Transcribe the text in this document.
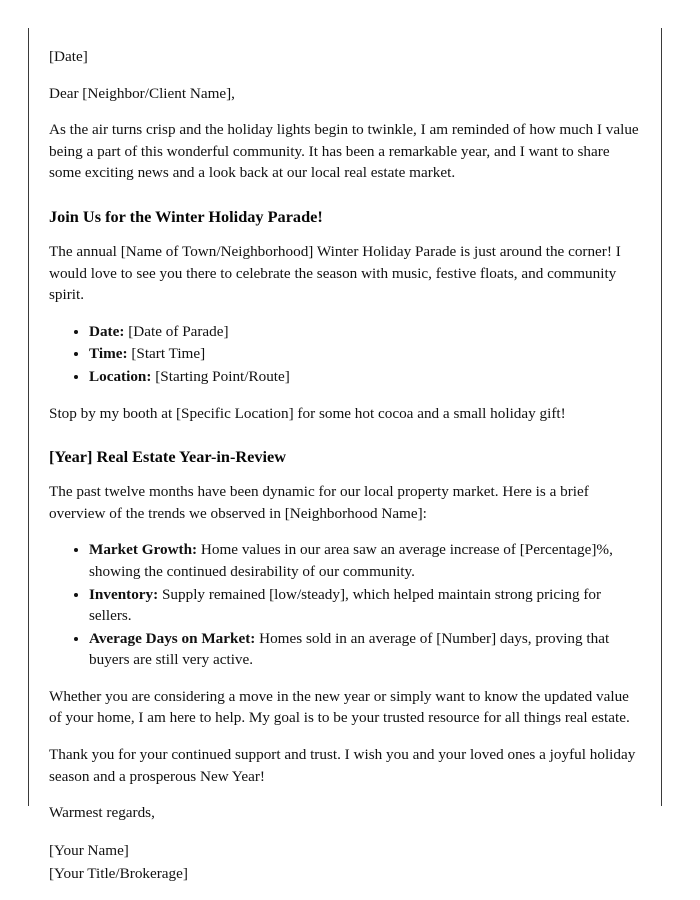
[Date]

Dear [Neighbor/Client Name],

As the air turns crisp and the holiday lights begin to twinkle, I am reminded of how much I value being a part of this wonderful community. It has been a remarkable year, and I want to share some exciting news and a look back at our local real estate market.

Join Us for the Winter Holiday Parade!

The annual [Name of Town/Neighborhood] Winter Holiday Parade is just around the corner! I would love to see you there to celebrate the season with music, festive floats, and community spirit.

• Date: [Date of Parade]
• Time: [Start Time]
• Location: [Starting Point/Route]

Stop by my booth at [Specific Location] for some hot cocoa and a small holiday gift!

[Year] Real Estate Year-in-Review

The past twelve months have been dynamic for our local property market. Here is a brief overview of the trends we observed in [Neighborhood Name]:

• Market Growth: Home values in our area saw an average increase of [Percentage]%, showing the continued desirability of our community.
• Inventory: Supply remained [low/steady], which helped maintain strong pricing for sellers.
• Average Days on Market: Homes sold in an average of [Number] days, proving that buyers are still very active.

Whether you are considering a move in the new year or simply want to know the updated value of your home, I am here to help. My goal is to be your trusted resource for all things real estate.

Thank you for your continued support and trust. I wish you and your loved ones a joyful holiday season and a prosperous New Year!

Warmest regards,

[Your Name]

[Your Title/Brokerage]
